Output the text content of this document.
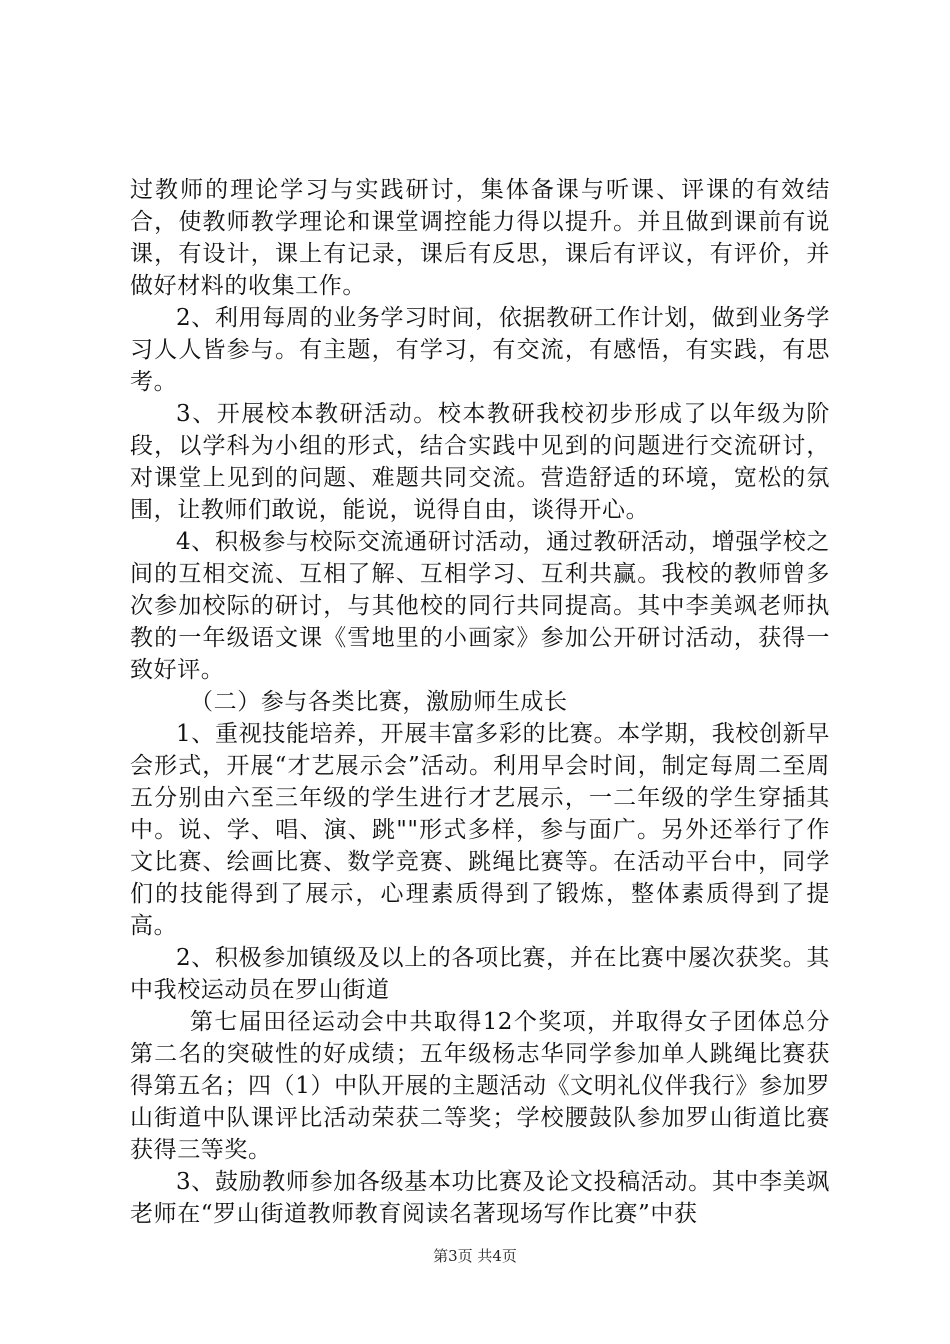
过教师的理论学习与实践研讨，集体备课与听课、评课的有效结合，使教师教学理论和课堂调控能力得以提升。并且做到课前有说课，有设计，课上有记录，课后有反思，课后有评议，有评价，并做好材料的收集工作。

2、利用每周的业务学习时间，依据教研工作计划，做到业务学习人人皆参与。有主题，有学习，有交流，有感悟，有实践，有思考。

3、开展校本教研活动。校本教研我校初步形成了以年级为阶段，以学科为小组的形式，结合实践中见到的问题进行交流研讨，对课堂上见到的问题、难题共同交流。营造舒适的环境，宽松的氛围，让教师们敢说，能说，说得自由，谈得开心。

4、积极参与校际交流通研讨活动，通过教研活动，增强学校之间的互相交流、互相了解、互相学习、互利共赢。我校的教师曾多次参加校际的研讨，与其他校的同行共同提高。其中李美飒老师执教的一年级语文课《雪地里的小画家》参加公开研讨活动，获得一致好评。

（二）参与各类比赛，激励师生成长

1、重视技能培养，开展丰富多彩的比赛。本学期，我校创新早会形式，开展“才艺展示会”活动。利用早会时间，制定每周二至周五分别由六至三年级的学生进行才艺展示，一二年级的学生穿插其中。说、学、唱、演、跳""形式多样，参与面广。另外还举行了作文比赛、绘画比赛、数学竞赛、跳绳比赛等。在活动平台中，同学们的技能得到了展示，心理素质得到了锻炼，整体素质得到了提高。

2、积极参加镇级及以上的各项比赛，并在比赛中屡次获奖。其中我校运动员在罗山街道

第七届田径运动会中共取得12个奖项，并取得女子团体总分第二名的突破性的好成绩；五年级杨志华同学参加单人跳绳比赛获得第五名；四（1）中队开展的主题活动《文明礼仪伴我行》参加罗山街道中队课评比活动荣获二等奖；学校腰鼓队参加罗山街道比赛获得三等奖。

3、鼓励教师参加各级基本功比赛及论文投稿活动。其中李美飒老师在“罗山街道教师教育阅读名著现场写作比赛”中获

第3页 共4页
